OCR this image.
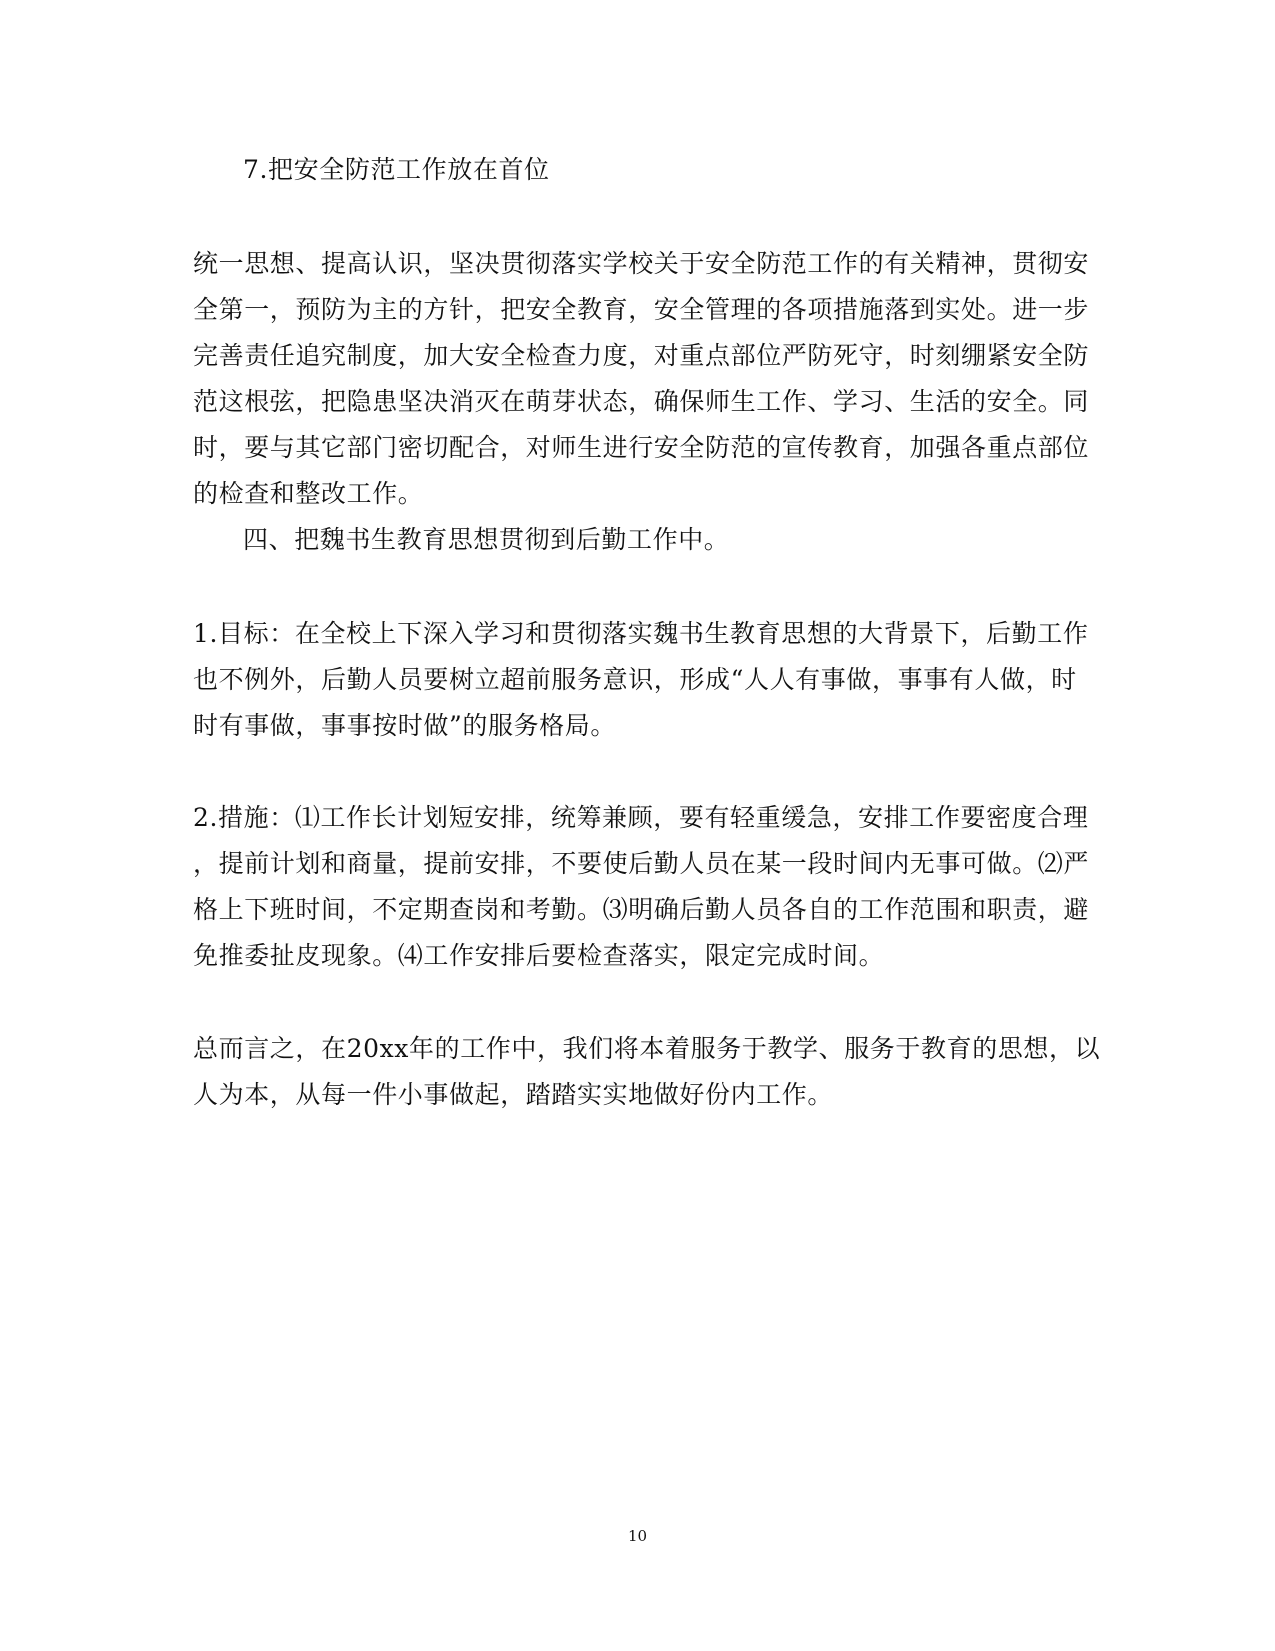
7.把安全防范工作放在首位
统一思想、提高认识，坚决贯彻落实学校关于安全防范工作的有关精神，贯彻安
全第一，预防为主的方针，把安全教育，安全管理的各项措施落到实处。进一步
完善责任追究制度，加大安全检查力度，对重点部位严防死守，时刻绷紧安全防
范这根弦，把隐患坚决消灭在萌芽状态，确保师生工作、学习、生活的安全。同
时，要与其它部门密切配合，对师生进行安全防范的宣传教育，加强各重点部位
的检查和整改工作。
四、把魏书生教育思想贯彻到后勤工作中。
1.目标：在全校上下深入学习和贯彻落实魏书生教育思想的大背景下，后勤工作
也不例外，后勤人员要树立超前服务意识，形成“人人有事做，事事有人做，时
时有事做，事事按时做”的服务格局。
2.措施：⑴工作长计划短安排，统筹兼顾，要有轻重缓急，安排工作要密度合理
，提前计划和商量，提前安排，不要使后勤人员在某一段时间内无事可做。⑵严
格上下班时间，不定期查岗和考勤。⑶明确后勤人员各自的工作范围和职责，避
免推委扯皮现象。⑷工作安排后要检查落实，限定完成时间。
总而言之，在20xx年的工作中，我们将本着服务于教学、服务于教育的思想，以
人为本，从每一件小事做起，踏踏实实地做好份内工作。
10
